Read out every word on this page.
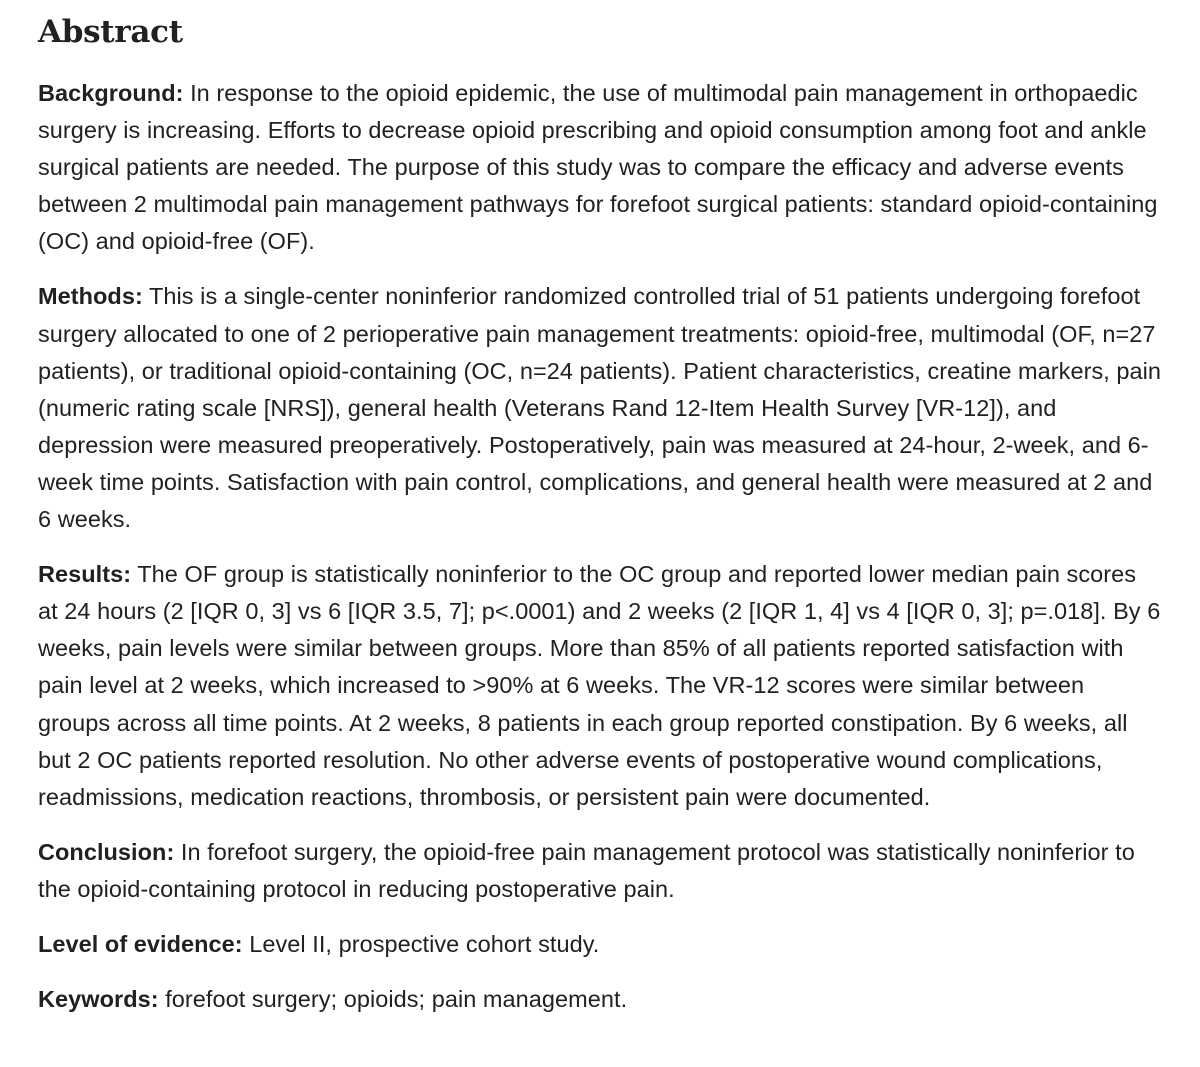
Abstract

Background: In response to the opioid epidemic, the use of multimodal pain management in orthopaedic surgery is increasing. Efforts to decrease opioid prescribing and opioid consumption among foot and ankle surgical patients are needed. The purpose of this study was to compare the efficacy and adverse events between 2 multimodal pain management pathways for forefoot surgical patients: standard opioid-containing (OC) and opioid-free (OF).

Methods: This is a single-center noninferior randomized controlled trial of 51 patients undergoing forefoot surgery allocated to one of 2 perioperative pain management treatments: opioid-free, multimodal (OF, n=27 patients), or traditional opioid-containing (OC, n=24 patients). Patient characteristics, creatine markers, pain (numeric rating scale [NRS]), general health (Veterans Rand 12-Item Health Survey [VR-12]), and depression were measured preoperatively. Postoperatively, pain was measured at 24-hour, 2-week, and 6-week time points. Satisfaction with pain control, complications, and general health were measured at 2 and 6 weeks.

Results: The OF group is statistically noninferior to the OC group and reported lower median pain scores at 24 hours (2 [IQR 0, 3] vs 6 [IQR 3.5, 7]; p<.0001) and 2 weeks (2 [IQR 1, 4] vs 4 [IQR 0, 3]; p=.018]. By 6 weeks, pain levels were similar between groups. More than 85% of all patients reported satisfaction with pain level at 2 weeks, which increased to >90% at 6 weeks. The VR-12 scores were similar between groups across all time points. At 2 weeks, 8 patients in each group reported constipation. By 6 weeks, all but 2 OC patients reported resolution. No other adverse events of postoperative wound complications, readmissions, medication reactions, thrombosis, or persistent pain were documented.

Conclusion: In forefoot surgery, the opioid-free pain management protocol was statistically noninferior to the opioid-containing protocol in reducing postoperative pain.

Level of evidence: Level II, prospective cohort study.

Keywords: forefoot surgery; opioids; pain management.
